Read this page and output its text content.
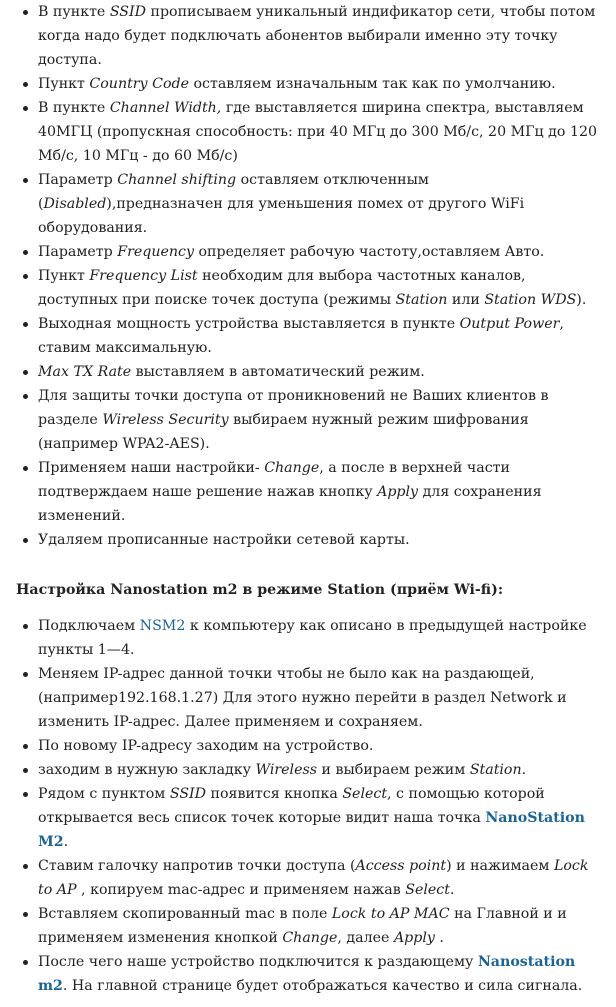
В пункте SSID прописываем уникальный индификатор сети, чтобы потом когда надо будет подключать абонентов выбирали именно эту точку доступа.
Пункт Country Code оставляем изначальным так как по умолчанию.
В пункте Channel Width, где выставляется ширина спектра, выставляем 40МГЦ (пропускная способность: при 40 МГц до 300 Мб/с, 20 МГц до 120 Мб/с, 10 МГц - до 60 Мб/с)
Параметр Channel shifting оставляем отключенным (Disabled),предназначен для уменьшения помех от другого WiFi оборудования.
Параметр Frequency определяет рабочую частоту,оставляем Авто.
Пункт Frequency List необходим для выбора частотных каналов, доступных при поиске точек доступа (режимы Station или Station WDS).
Выходная мощность устройства выставляется в пункте Output Power, ставим максимальную.
Max TX Rate выставляем в автоматический режим.
Для защиты точки доступа от проникновений не Ваших клиентов в разделе Wireless Security выбираем нужный режим шифрования (например WPA2-AES).
Применяем наши настройки- Change, а после в верхней части подтверждаем наше решение нажав кнопку Apply для сохранения изменений.
Удаляем прописанные настройки сетевой карты.
Настройка Nanostation m2 в режиме Station (приём Wi-fi):
Подключаем NSM2 к компьютеру как описано в предыдущей настройке пункты 1—4.
Меняем IP-адрес данной точки чтобы не было как на раздающей, (например192.168.1.27) Для этого нужно перейти в раздел Network и изменить IP-адрес. Далее применяем и сохраняем.
По новому IP-адресу заходим на устройство.
заходим в нужную закладку Wireless и выбираем режим Station.
Рядом с пунктом SSID появится кнопка Select, с помощью которой открывается весь список точек которые видит наша точка NanoStation M2.
Ставим галочку напротив точки доступа (Access point) и нажимаем Lock to AP , копируем mac-адрес и применяем нажав Select.
Вставляем скопированный mac в поле Lock to AP MAC на Главной и и применяем изменения кнопкой Change, далее Apply .
После чего наше устройство подключится к раздающему Nanostation m2. На главной странице будет отображаться качество и сила сигнала.
